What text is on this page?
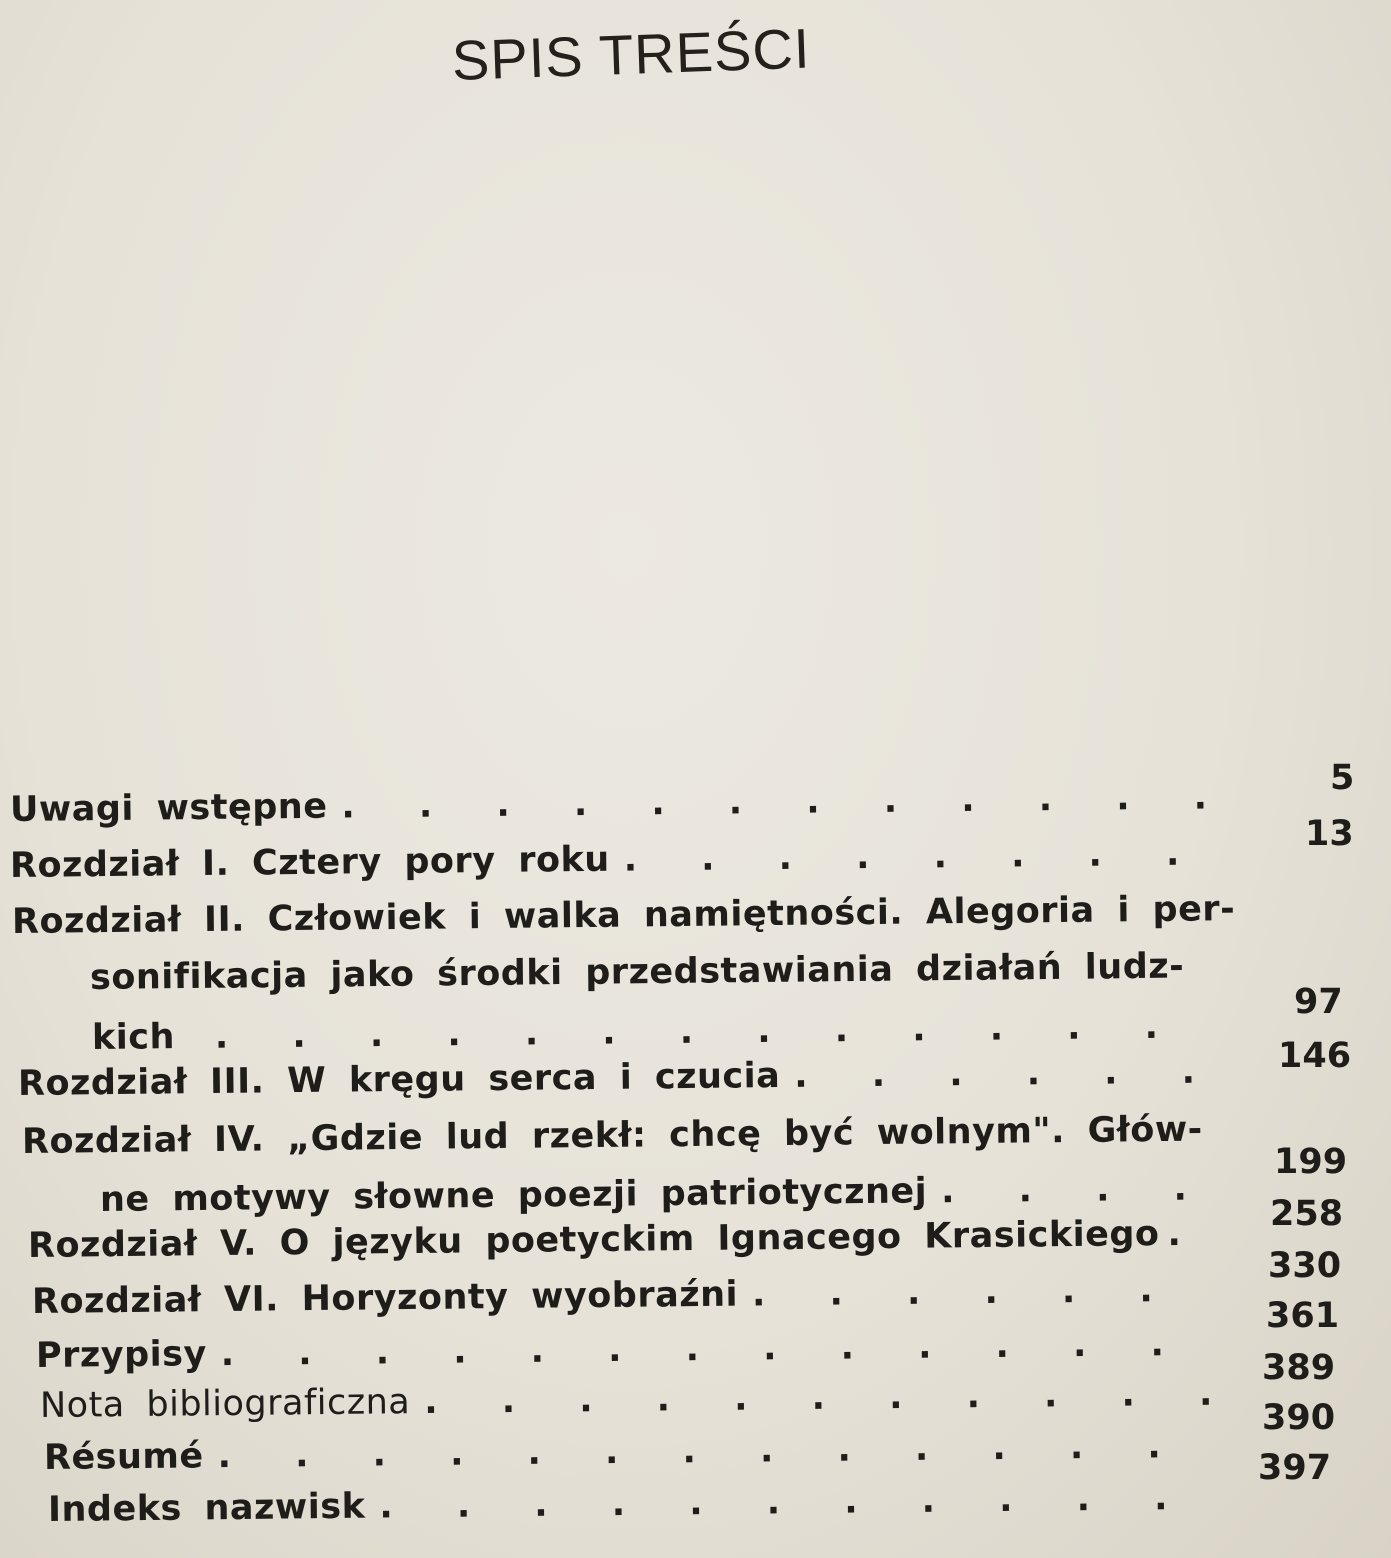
SPIS TREŚCI
Uwagi wstępne . . . . . . . . . . . .	5
Rozdział I. Cztery pory roku . . . . . . . .	13
Rozdział II. Człowiek i walka namiętności. Alegoria i per-
sonifikacja jako środki przedstawiania działań ludz-
kich . . . . . . . . . . . . .
97
Rozdział III. W kręgu serca i czucia . . . . . . 146
Rozdział IV. „Gdzie lud rzekł: chcę być wolnym". Głów-
ne motywy słowne poezji patriotycznej . . . .
199
Rozdział V. O języku poetyckim Ignacego Krasickiego . 258
Rozdział VI. Horyzonty wyobraźni . . . . . .
330
Przypisy . . . . . . . . . . . . .
361
Nota bibliograficzna . . . . . . . . . . .
389
Résumé . . . . . . . . . . . . .
390
Indeks nazwisk . . . . . . . . . . .
397
